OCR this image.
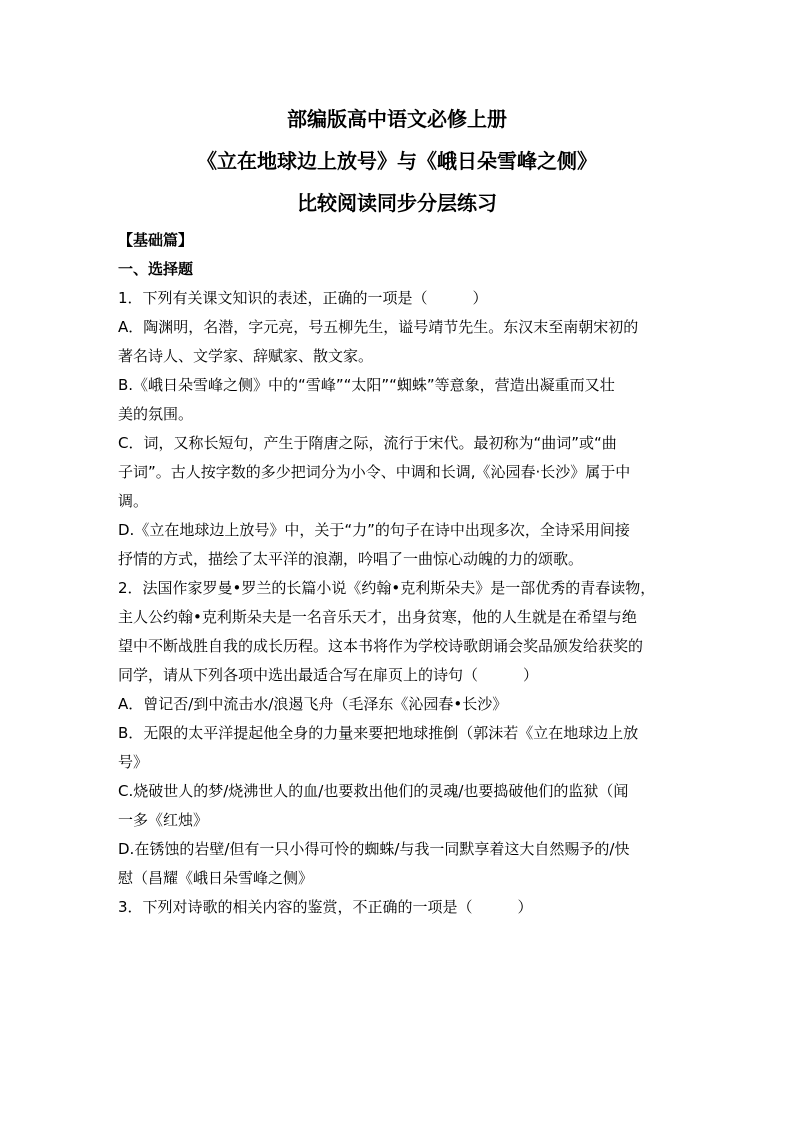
部编版高中语文必修上册
《立在地球边上放号》与《峨日朵雪峰之侧》
比较阅读同步分层练习
【基础篇】
一、选择题
1．下列有关课文知识的表述，正确的一项是（　　　）
A．陶渊明，名潜，字元亮，号五柳先生，谥号靖节先生。东汉末至南朝宋初的
著名诗人、文学家、辞赋家、散文家。
B.《峨日朵雪峰之侧》中的“雪峰”“太阳”“蜘蛛”等意象，营造出凝重而又壮
美的氛围。
C．词，又称长短句，产生于隋唐之际，流行于宋代。最初称为“曲词”或“曲
子词”。古人按字数的多少把词分为小令、中调和长调,《沁园春·长沙》属于中
调。
D.《立在地球边上放号》中，关于“力”的句子在诗中出现多次，全诗采用间接
抒情的方式，描绘了太平洋的浪潮，吟唱了一曲惊心动魄的力的颂歌。
2．法国作家罗曼•罗兰的长篇小说《约翰•克利斯朵夫》是一部优秀的青春读物，
主人公约翰•克利斯朵夫是一名音乐天才，出身贫寒，他的人生就是在希望与绝
望中不断战胜自我的成长历程。这本书将作为学校诗歌朗诵会奖品颁发给获奖的
同学，请从下列各项中选出最适合写在扉页上的诗句（　　　）
A．曾记否/到中流击水/浪遏飞舟（毛泽东《沁园春•长沙》
B．无限的太平洋提起他全身的力量来要把地球推倒（郭沫若《立在地球边上放
号》
C.烧破世人的梦/烧沸世人的血/也要救出他们的灵魂/也要捣破他们的监狱（闻
一多《红烛》
D.在锈蚀的岩壁/但有一只小得可怜的蜘蛛/与我一同默享着这大自然赐予的/快
慰（昌耀《峨日朵雪峰之侧》
3．下列对诗歌的相关内容的鉴赏，不正确的一项是（　　　）
